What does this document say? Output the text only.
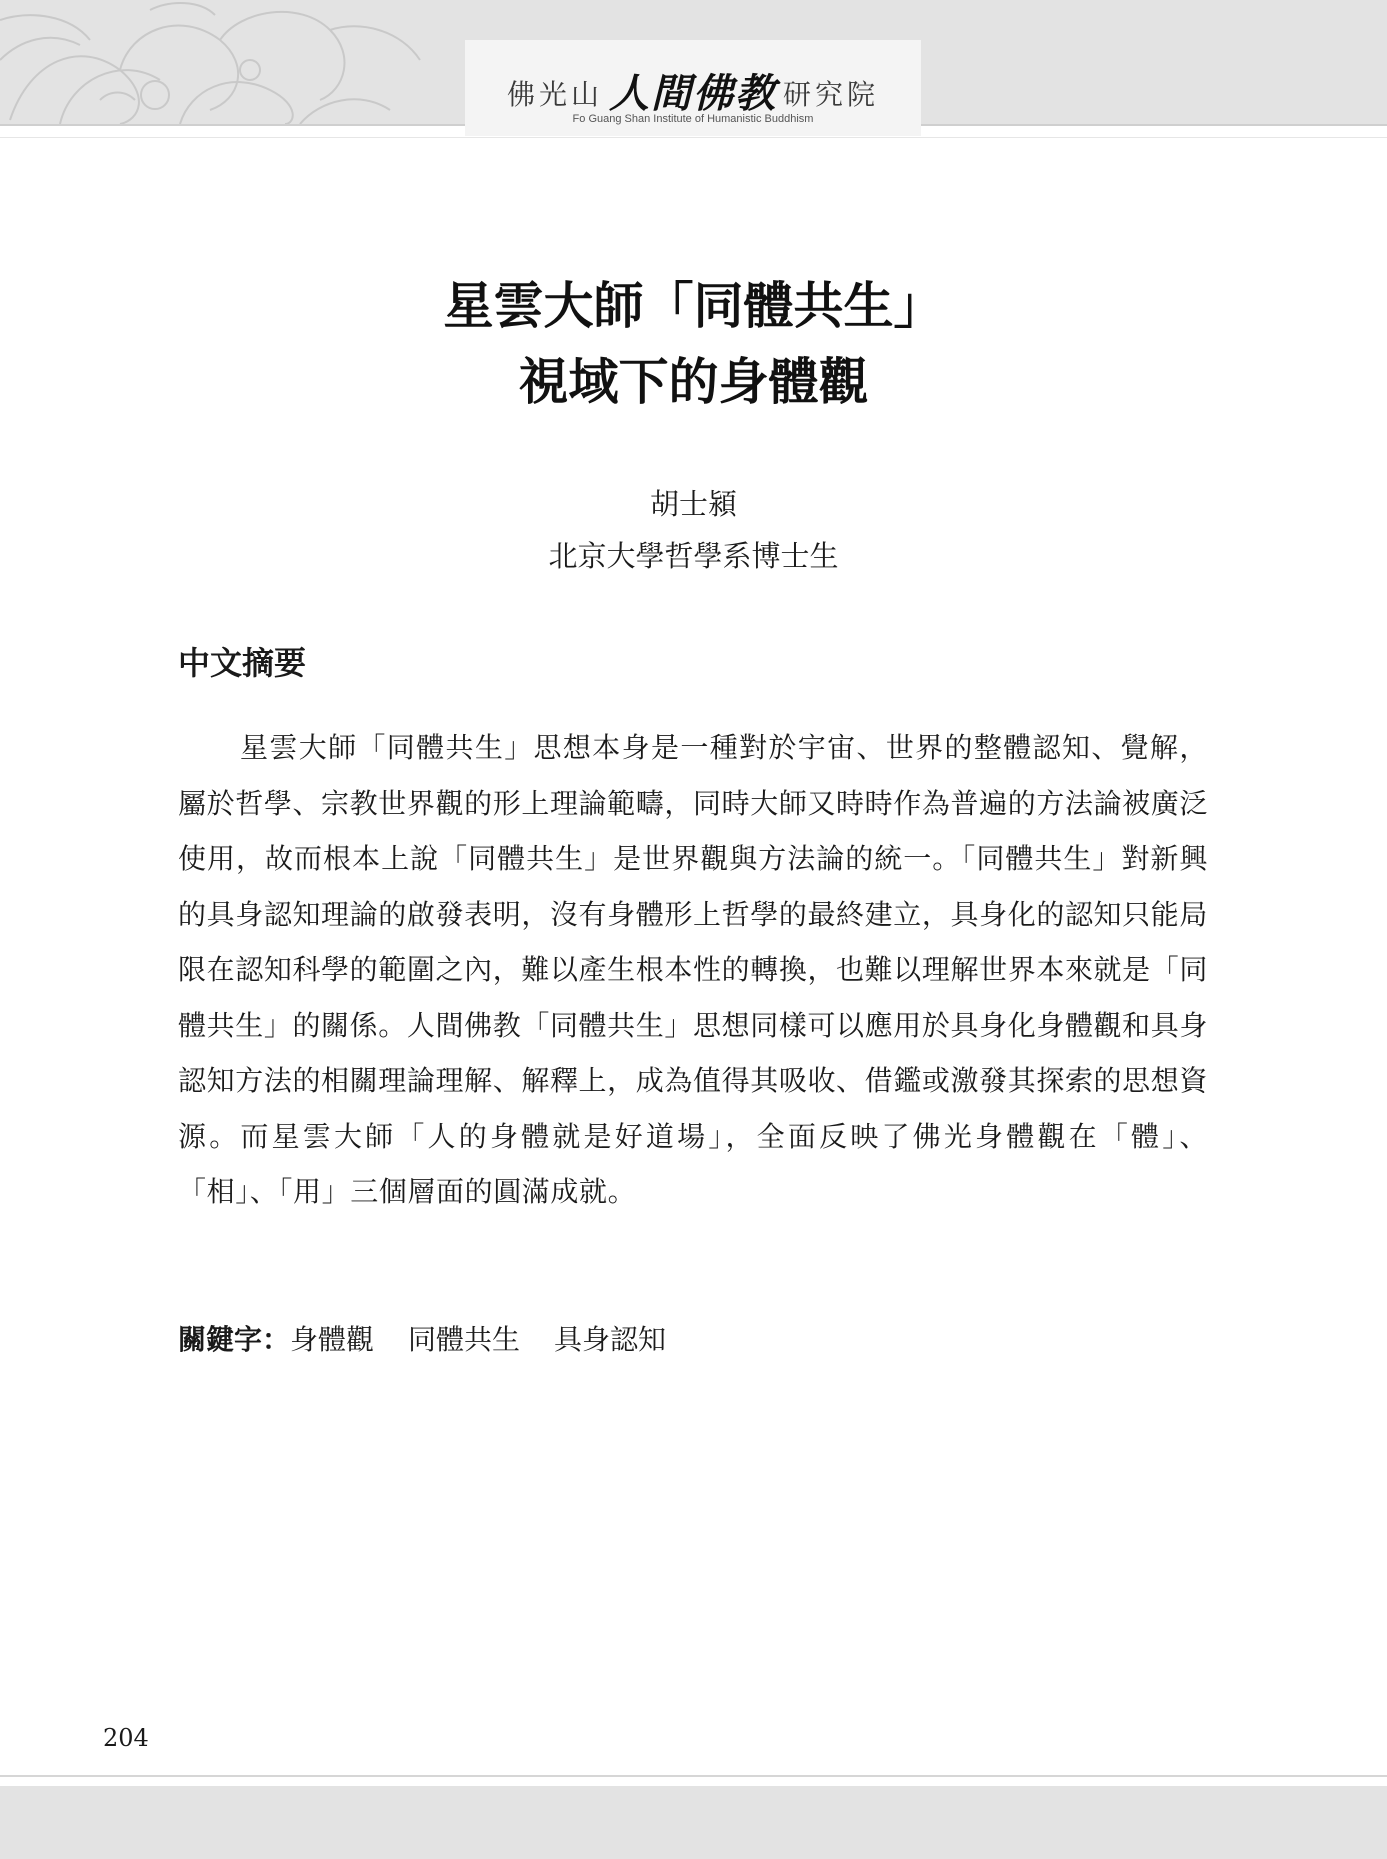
佛光山 人間佛教 研究院
Fo Guang Shan Institute of Humanistic Buddhism
星雲大師「同體共生」
視域下的身體觀
胡士潁
北京大學哲學系博士生
中文摘要

星雲大師「同體共生」思想本身是一種對於宇宙、世界的整體認知、覺解，屬於哲學、宗教世界觀的形上理論範疇，同時大師又時時作為普遍的方法論被廣泛使用，故而根本上說「同體共生」是世界觀與方法論的統一。「同體共生」對新興的具身認知理論的啟發表明，沒有身體形上哲學的最終建立，具身化的認知只能局限在認知科學的範圍之內，難以產生根本性的轉換，也難以理解世界本來就是「同體共生」的關係。人間佛教「同體共生」思想同樣可以應用於具身化身體觀和具身認知方法的相關理論理解、解釋上，成為值得其吸收、借鑑或激發其探索的思想資源。而星雲大師「人的身體就是好道場」，全面反映了佛光身體觀在「體」、「相」、「用」三個層面的圓滿成就。

關鍵字：身體觀 同體共生 具身認知
204
